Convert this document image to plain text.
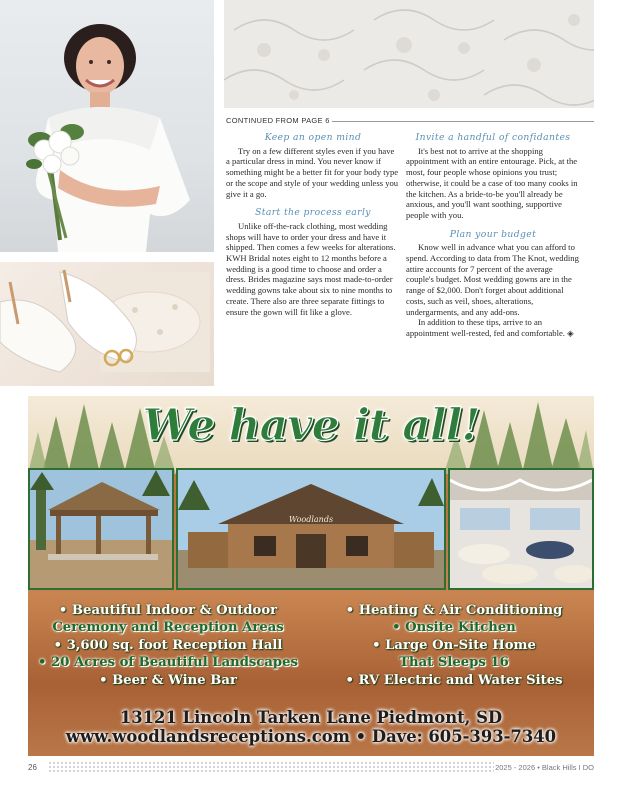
CONTINUED FROM PAGE 6
Keep an open mind

Try on a few different styles even if you have a particular dress in mind. You never know if something might be a better fit for your body type or the scope and style of your wedding unless you give it a go.

Start the process early

Unlike off-the-rack clothing, most wedding shops will have to order your dress and have it shipped. Then comes a few weeks for alterations. KWH Bridal notes eight to 12 months before a wedding is a good time to choose and order a dress. Brides magazine says most made-to-order wedding gowns take about six to nine months to create. There also are three separate fittings to ensure the gown will fit like a glove.

Invite a handful of confidantes

It's best not to arrive at the shopping appointment with an entire entourage. Pick, at the most, four people whose opinions you trust; otherwise, it could be a case of too many cooks in the kitchen. As a bride-to-be you'll already be anxious, and you'll want soothing, supportive people with you.

Plan your budget

Know well in advance what you can afford to spend. According to data from The Knot, wedding attire accounts for 7 percent of the average couple's budget. Most wedding gowns are in the range of $2,000. Don't forget about additional costs, such as veil, shoes, alterations, undergarments, and any add-ons.

In addition to these tips, arrive to an appointment well-rested, fed and comfortable. ◈

We have it all!
Woodlands
• Beautiful Indoor & Outdoor
Ceremony and Reception Areas
• 3,600 sq. foot Reception Hall
• 20 Acres of Beautiful Landscapes
• Beer & Wine Bar
• Heating & Air Conditioning
• Onsite Kitchen
• Large On-Site Home
That Sleeps 16
• RV Electric and Water Sites
13121 Lincoln Tarken Lane Piedmont, SD
www.woodlandsreceptions.com • Dave: 605-393-7340
26	2025 - 2026 • Black Hills I DO
